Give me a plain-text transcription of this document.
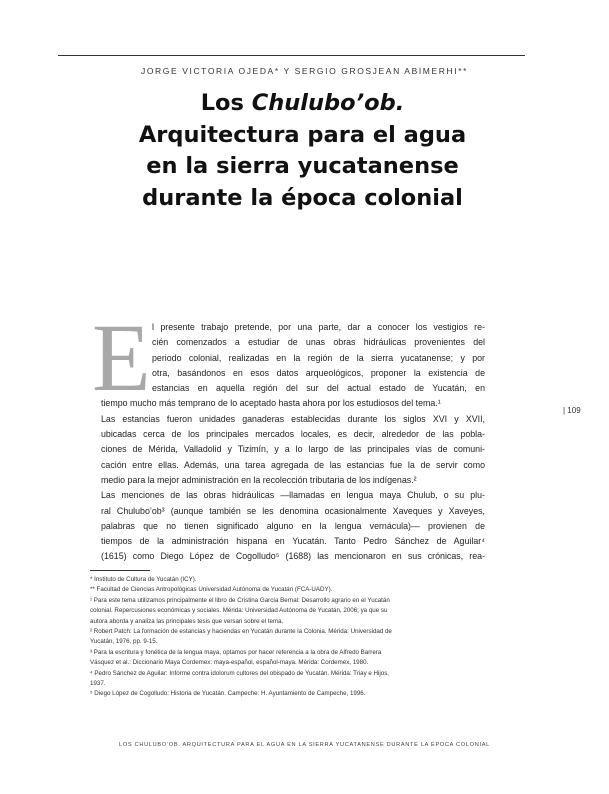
JORGE VICTORIA OJEDA* Y SERGIO GROSJEAN ABIMERHI**
Los Chulubo’ob.
Arquitectura para el agua
en la sierra yucatanense
durante la época colonial
E l presente trabajo pretende, por una parte, dar a conocer los vestigios re-
cién comenzados a estudiar de unas obras hidráulicas provenientes del
periodo colonial, realizadas en la región de la sierra yucatanense; y por
otra, basándonos en esos datos arqueológicos, proponer la existencia de
estancias en aquella región del sur del actual estado de Yucatán, en
tiempo mucho más temprano de lo aceptado hasta ahora por los estudiosos del tema.¹
Las estancias fueron unidades ganaderas establecidas durante los siglos XVI y XVII,
ubicadas cerca de los principales mercados locales, es decir, alrededor de las pobla-
ciones de Mérida, Valladolid y Tizimín, y a lo largo de las principales vías de comuni-
cación entre ellas. Además, una tarea agregada de las estancias fue la de servir como
medio para la mejor administración en la recolección tributaria de los indígenas.²
Las menciones de las obras hidráulicas —llamadas en lengua maya Chulub, o su plu-
ral Chulubo’ob³ (aunque también se les denomina ocasionalmente Xaveques y Xaveyes,
palabras que no tienen significado alguno en la lengua vernácula)— provienen de
tiempos de la administración hispana en Yucatán. Tanto Pedro Sánchez de Aguilar⁴
(1615) como Diego López de Cogolludo⁵ (1688) las mencionaron en sus crónicas, rea-
| 109
* Instituto de Cultura de Yucatán (ICY).
** Facultad de Ciencias Antropológicas Universidad Autónoma de Yucatán (FCA-UADY).
¹ Para este tema utilizamos principalmente el libro de Cristina García Bernal: Desarrollo agrario en el Yucatán
colonial. Repercusiones económicas y sociales. Mérida: Universidad Autónoma de Yucatán, 2006; ya que su
autora aborda y analiza las principales tesis que versan sobre el tema.
² Robert Patch: La formación de estancias y haciendas en Yucatán durante la Colonia. Mérida: Universidad de
Yucatán, 1976, pp. 9-15.
³ Para la escritura y fonética de la lengua maya, optamos por hacer referencia a la obra de Alfredo Barrera
Vásquez et al.: Diccionario Maya Cordemex: maya-español, español-maya. Mérida: Cordemex, 1980.
⁴ Pedro Sánchez de Aguilar: Informe contra idolorum cultores del obispado de Yucatán. Mérida: Triay e Hijos,
1937.
⁵ Diego López de Cogolludo: Historia de Yucatán. Campeche: H. Ayuntamiento de Campeche, 1996.
LOS CHULUBO’OB. ARQUITECTURA PARA EL AGUA EN LA SIERRA YUCATANENSE DURANTE LA ÉPOCA COLONIAL
